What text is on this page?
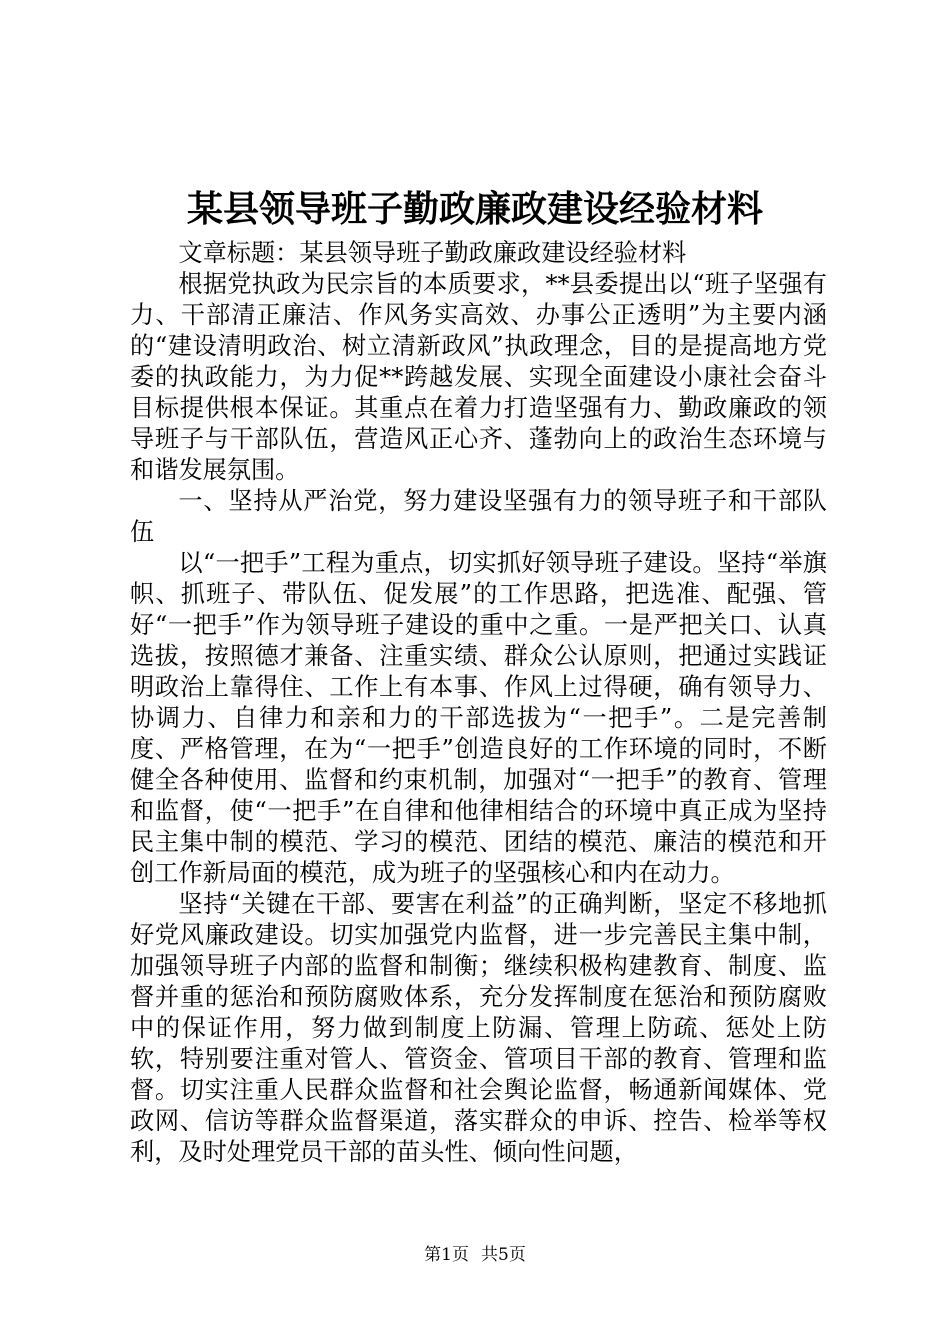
某县领导班子勤政廉政建设经验材料

文章标题：某县领导班子勤政廉政建设经验材料

根据党执政为民宗旨的本质要求，**县委提出以“班子坚强有力、干部清正廉洁、作风务实高效、办事公正透明”为主要内涵的“建设清明政治、树立清新政风”执政理念，目的是提高地方党委的执政能力，为力促**跨越发展、实现全面建设小康社会奋斗目标提供根本保证。其重点在着力打造坚强有力、勤政廉政的领导班子与干部队伍，营造风正心齐、蓬勃向上的政治生态环境与和谐发展氛围。

一、坚持从严治党，努力建设坚强有力的领导班子和干部队伍

以“一把手”工程为重点，切实抓好领导班子建设。坚持“举旗帜、抓班子、带队伍、促发展”的工作思路，把选准、配强、管好“一把手”作为领导班子建设的重中之重。一是严把关口、认真选拔，按照德才兼备、注重实绩、群众公认原则，把通过实践证明政治上靠得住、工作上有本事、作风上过得硬，确有领导力、协调力、自律力和亲和力的干部选拔为“一把手”。二是完善制度、严格管理，在为“一把手”创造良好的工作环境的同时，不断健全各种使用、监督和约束机制，加强对“一把手”的教育、管理和监督，使“一把手”在自律和他律相结合的环境中真正成为坚持民主集中制的模范、学习的模范、团结的模范、廉洁的模范和开创工作新局面的模范，成为班子的坚强核心和内在动力。

坚持“关键在干部、要害在利益”的正确判断，坚定不移地抓好党风廉政建设。切实加强党内监督，进一步完善民主集中制，加强领导班子内部的监督和制衡；继续积极构建教育、制度、监督并重的惩治和预防腐败体系，充分发挥制度在惩治和预防腐败中的保证作用，努力做到制度上防漏、管理上防疏、惩处上防软，特别要注重对管人、管资金、管项目干部的教育、管理和监督。切实注重人民群众监督和社会舆论监督，畅通新闻媒体、党政网、信访等群众监督渠道，落实群众的申诉、控告、检举等权利，及时处理党员干部的苗头性、倾向性问题，

第1页 共5页
